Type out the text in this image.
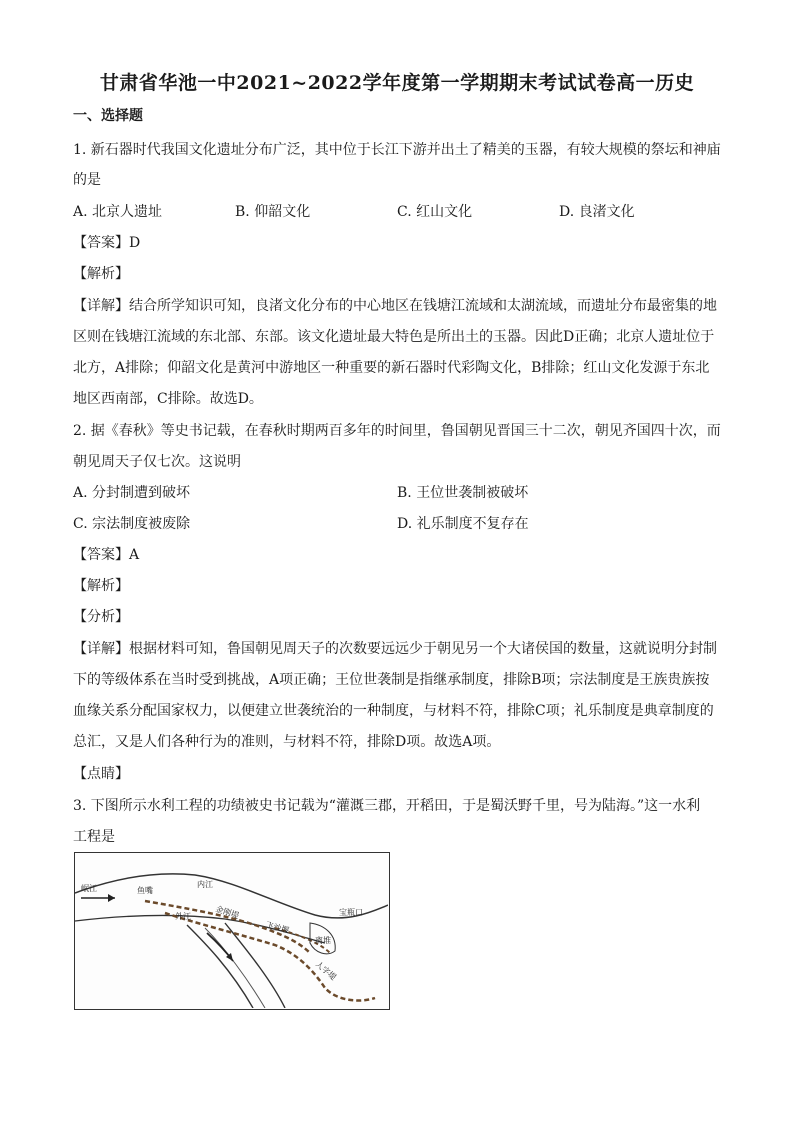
甘肃省华池一中2021~2022学年度第一学期期末考试试卷高一历史
一、选择题
1. 新石器时代我国文化遗址分布广泛，其中位于长江下游并出土了精美的玉器，有较大规模的祭坛和神庙
的是
A. 北京人遗址	B. 仰韶文化	C. 红山文化	D. 良渚文化
【答案】D
【解析】
【详解】结合所学知识可知，良渚文化分布的中心地区在钱塘江流域和太湖流域，而遗址分布最密集的地
区则在钱塘江流域的东北部、东部。该文化遗址最大特色是所出土的玉器。因此D正确；北京人遗址位于
北方，A排除；仰韶文化是黄河中游地区一种重要的新石器时代彩陶文化，B排除；红山文化发源于东北
地区西南部，C排除。故选D。
2. 据《春秋》等史书记载，在春秋时期两百多年的时间里，鲁国朝见晋国三十二次，朝见齐国四十次，而
朝见周天子仅七次。这说明
A. 分封制遭到破坏	B. 王位世袭制被破坏
C. 宗法制度被废除	D. 礼乐制度不复存在
【答案】A
【解析】
【分析】
【详解】根据材料可知，鲁国朝见周天子的次数要远远少于朝见另一个大诸侯国的数量，这就说明分封制
下的等级体系在当时受到挑战，A项正确；王位世袭制是指继承制度，排除B项；宗法制度是王族贵族按
血缘关系分配国家权力，以便建立世袭统治的一种制度，与材料不符，排除C项；礼乐制度是典章制度的
总汇，又是人们各种行为的准则，与材料不符，排除D项。故选A项。
【点睛】
3. 下图所示水利工程的功绩被史书记载为“灌溉三郡，开稻田，于是蜀沃野千里，号为陆海。”这一水利
工程是
岷江	鱼嘴
内江
外江	金刚堤
飞沙堰
宝瓶口
离堆
人字堤
